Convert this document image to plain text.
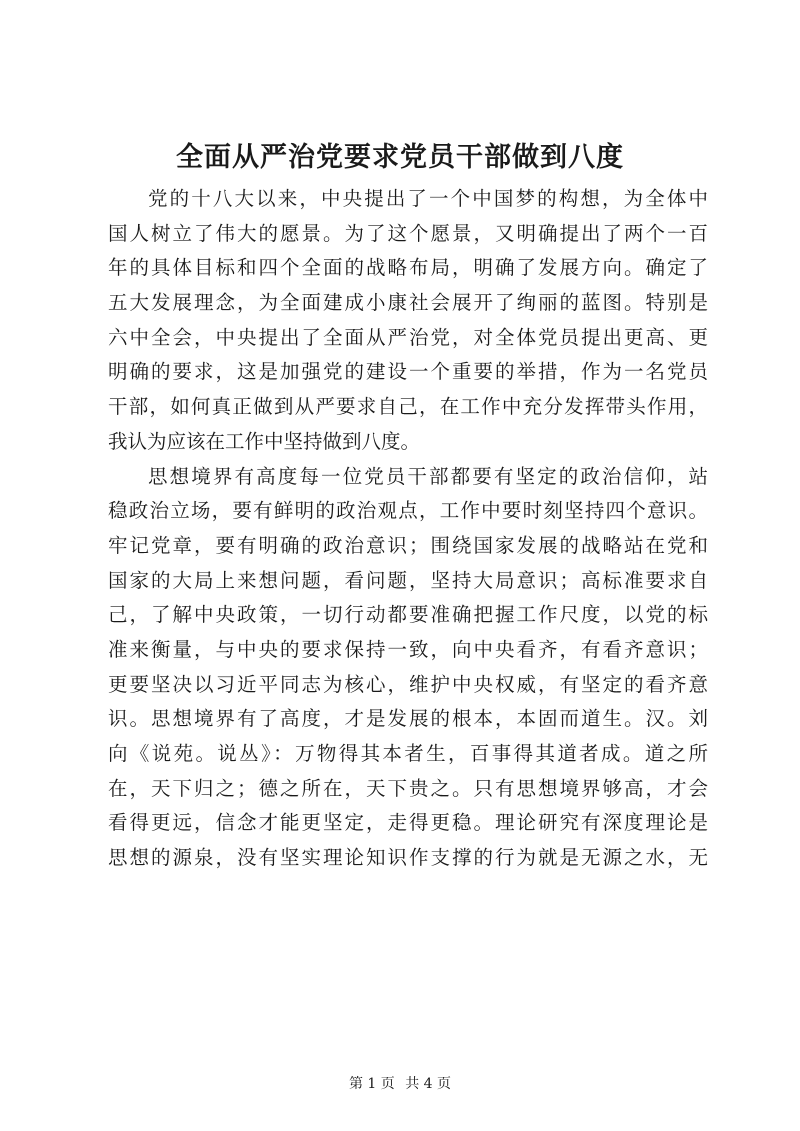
全面从严治党要求党员干部做到八度
党的十八大以来，中央提出了一个中国梦的构想，为全体中
国人树立了伟大的愿景。为了这个愿景，又明确提出了两个一百
年的具体目标和四个全面的战略布局，明确了发展方向。确定了
五大发展理念，为全面建成小康社会展开了绚丽的蓝图。特别是
六中全会，中央提出了全面从严治党，对全体党员提出更高、更
明确的要求，这是加强党的建设一个重要的举措，作为一名党员
干部，如何真正做到从严要求自己，在工作中充分发挥带头作用，
我认为应该在工作中坚持做到八度。
思想境界有高度每一位党员干部都要有坚定的政治信仰，站
稳政治立场，要有鲜明的政治观点，工作中要时刻坚持四个意识。
牢记党章，要有明确的政治意识；围绕国家发展的战略站在党和
国家的大局上来想问题，看问题，坚持大局意识；高标准要求自
己，了解中央政策，一切行动都要准确把握工作尺度，以党的标
准来衡量，与中央的要求保持一致，向中央看齐，有看齐意识；
更要坚决以习近平同志为核心，维护中央权威，有坚定的看齐意
识。思想境界有了高度，才是发展的根本，本固而道生。汉。刘
向《说苑。说丛》：万物得其本者生，百事得其道者成。道之所
在，天下归之；德之所在，天下贵之。只有思想境界够高，才会
看得更远，信念才能更坚定，走得更稳。理论研究有深度理论是
思想的源泉，没有坚实理论知识作支撑的行为就是无源之水，无
第 1 页 共 4 页
